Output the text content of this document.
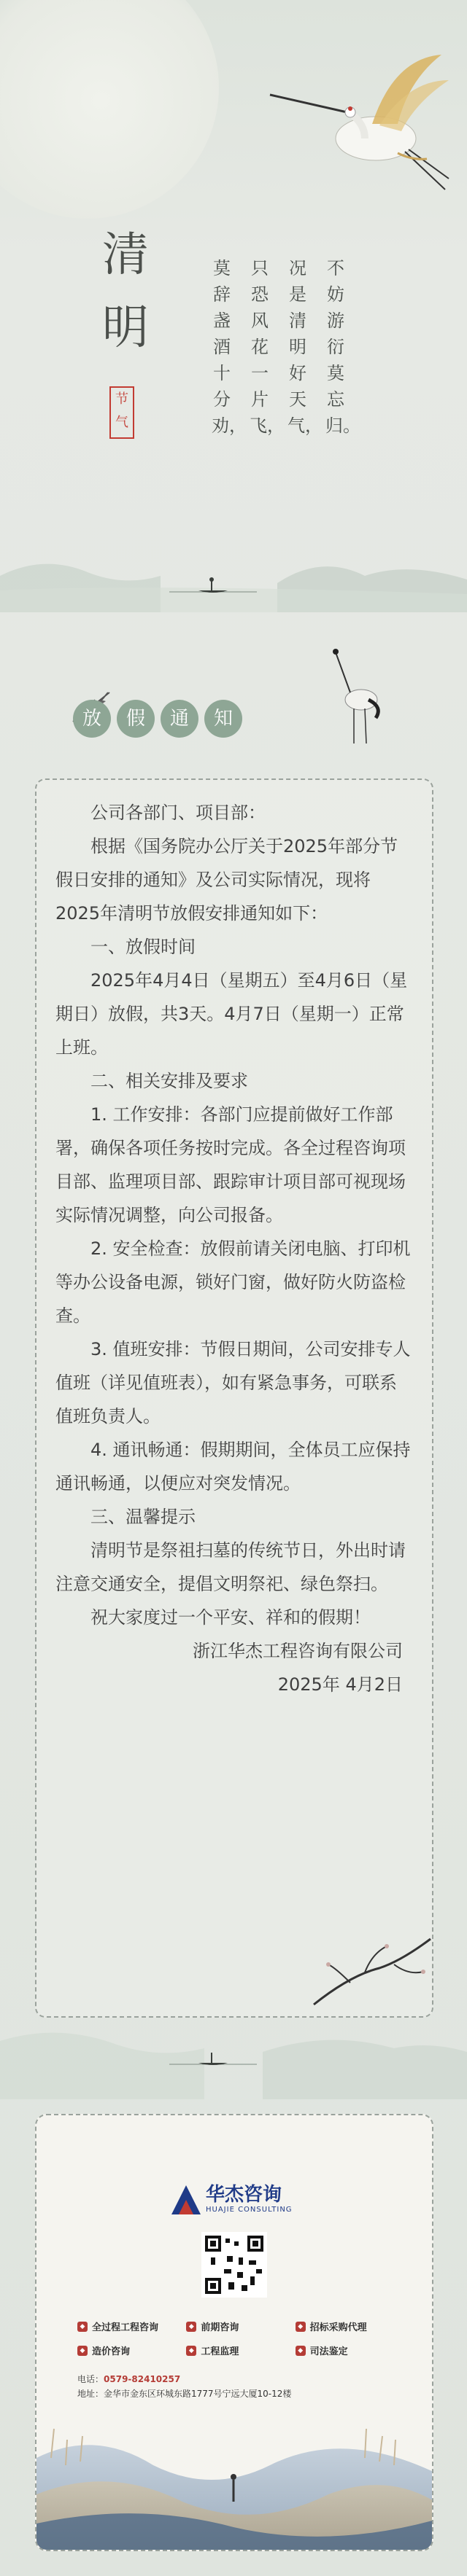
清
明
节
气
不妨游衍莫忘归。
况是清明好天气，
只恐风花一片飞，
莫辞盏酒十分劝，
放	假	通	知

公司各部门、项目部：

根据《国务院办公厅关于2025年部分节假日安排的通知》及公司实际情况，现将2025年清明节放假安排通知如下：

一、放假时间

2025年4月4日（星期五）至4月6日（星期日）放假，共3天。4月7日（星期一）正常上班。

二、相关安排及要求

1. 工作安排：各部门应提前做好工作部署，确保各项任务按时完成。各全过程咨询项目部、监理项目部、跟踪审计项目部可视现场实际情况调整，向公司报备。

2. 安全检查：放假前请关闭电脑、打印机等办公设备电源，锁好门窗，做好防火防盗检查。

3. 值班安排：节假日期间，公司安排专人值班（详见值班表），如有紧急事务，可联系值班负责人。

4. 通讯畅通：假期期间，全体员工应保持通讯畅通，以便应对突发情况。

三、温馨提示

清明节是祭祖扫墓的传统节日，外出时请注意交通安全，提倡文明祭祀、绿色祭扫。

祝大家度过一个平安、祥和的假期！

浙江华杰工程咨询有限公司

2025年 4月2日

华杰咨询
HUAJIE CONSULTING
◆ 全过程工程咨询	◆ 前期咨询	◆ 招标采购代理
◆ 造价咨询	◆ 工程监理	◆ 司法鉴定
电话：0579-82410257
地址：金华市金东区环城东路1777号宁远大厦10-12楼
